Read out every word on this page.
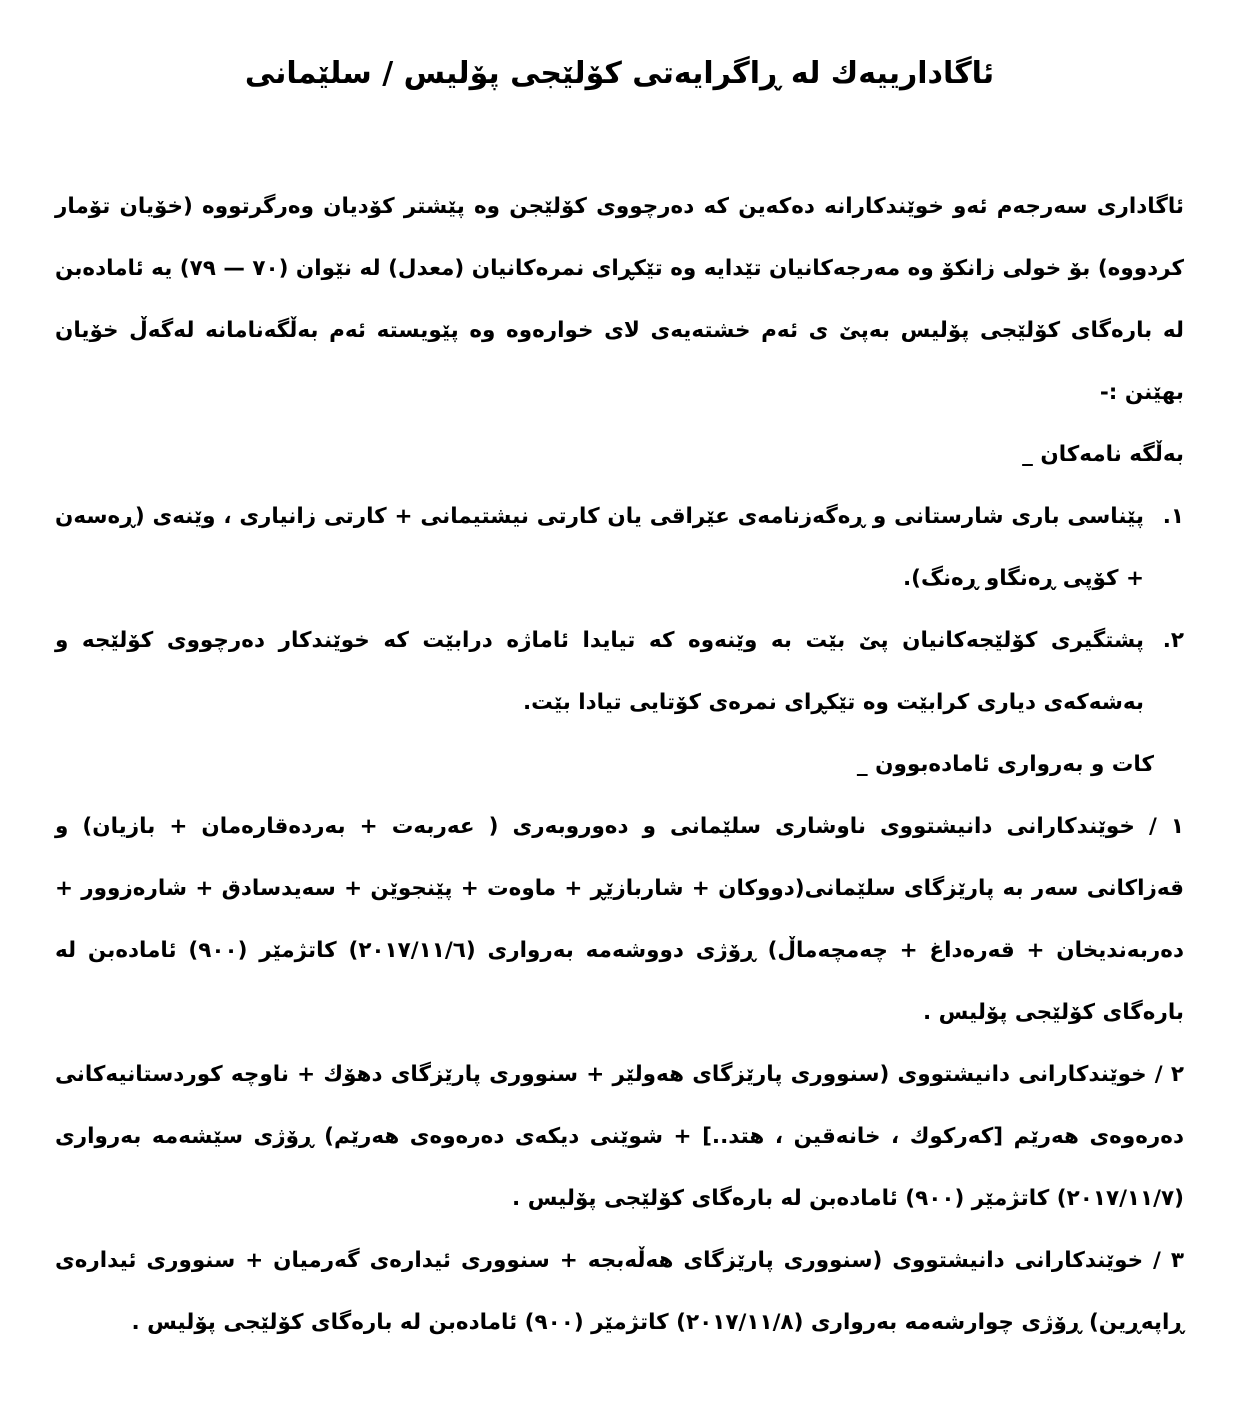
ئاگادارییەك لە ڕاگرایەتی كۆلێجی پۆلیس / سلێمانی

ئاگاداری سەرجەم ئەو خوێندكارانە دەكەین كە دەرچووی كۆلێجن وە پێشتر كۆدیان وەرگرتووە (خۆیان تۆمار كردووە) بۆ خولی زانكۆ وە مەرجەكانیان تێدایە وە تێكڕای نمرەكانیان (معدل) لە نێوان (٧٠ — ٧٩) یە ئامادەبن لە بارەگای كۆلێجی پۆلیس بەپێ ی ئەم خشتەیەی لای خوارەوە وە پێویستە ئەم بەڵگەنامانە لەگەڵ خۆیان بهێنن :-

بەڵگە نامەكان _

١.
پێناسی باری شارستانی و ڕەگەزنامەی عێراقی یان كارتی نیشتیمانی + كارتی زانیاری ، وێنەی (ڕەسەن + كۆپی ڕەنگاو ڕەنگ).
٢.
پشتگیری كۆلێجەكانیان پێ بێت بە وێنەوە كە تیایدا ئاماژە درابێت كە خوێندكار دەرچووی كۆلێجە و بەشەكەی دیاری كرابێت وە تێكڕای نمرەی كۆتایی تیادا بێت.

كات و بەرواری ئامادەبوون _

١ / خوێندكارانی دانیشتووی ناوشاری سلێمانی و دەوروبەری ( عەربەت + بەردەقارەمان + بازیان) و قەزاكانی سەر بە پارێزگای سلێمانی(دووكان + شاربازێڕ + ماوەت + پێنجوێن + سەیدسادق + شارەزوور + دەربەندیخان + قەرەداغ + چەمچەماڵ) ڕۆژی دووشەمە بەرواری (٢٠١٧/١١/٦) كاتژمێر (٩٠٠) ئامادەبن لە بارەگای كۆلێجی پۆلیس .

٢ / خوێندكارانی دانیشتووی (سنووری پارێزگای هەولێر + سنووری پارێزگای دهۆك + ناوچە كوردستانیەكانی دەرەوەی هەرێم [كەركوك ، خانەقین ، هتد..] + شوێنی دیكەی دەرەوەی هەرێم) ڕۆژی سێشەمە بەرواری (٢٠١٧/١١/٧) كاتژمێر (٩٠٠) ئامادەبن لە بارەگای كۆلێجی پۆلیس .

٣ / خوێندكارانی دانیشتووی (سنووری پارێزگای هەڵەبجە + سنووری ئیدارەی گەرمیان + سنووری ئیدارەی ڕاپەڕین) ڕۆژی چوارشەمە بەرواری (٢٠١٧/١١/٨) كاتژمێر (٩٠٠) ئامادەبن لە بارەگای كۆلێجی پۆلیس .
